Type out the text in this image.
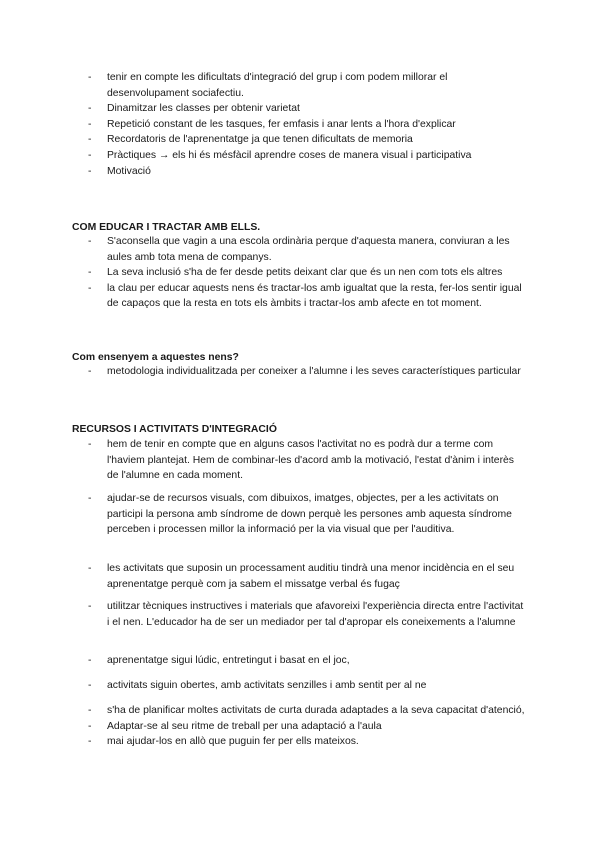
- tenir en compte les dificultats d'integració del grup i com podem millorar el desenvolupament sociafectiu.
- Dinamitzar les classes per obtenir varietat
- Repetició constant de les tasques, fer emfasis i anar lents a l'hora d'explicar
- Recordatoris de l'aprenentatge ja que tenen dificultats de memoria
- Pràctiques → els hi és mésfàcil aprendre coses de manera visual i participativa
- Motivació
COM EDUCAR I TRACTAR AMB ELLS.
- S'aconsella que vagin a una escola ordinària perque d'aquesta manera, conviuran a les aules amb tota mena de companys.
- La seva inclusió s'ha de fer desde petits deixant clar que és un nen com tots els altres
- la clau per educar aquests nens és tractar-los amb igualtat que la resta, fer-los sentir igual de capaços que la resta en tots els àmbits i tractar-los amb afecte en tot moment.
Com ensenyem a aquestes nens?
- metodologia individualitzada per coneixer a l'alumne i les seves característiques particular
RECURSOS I ACTIVITATS D'INTEGRACIÓ
- hem de tenir en compte que en alguns casos l'activitat no es podrà dur a terme com l'haviem plantejat. Hem de combinar-les d'acord amb la motivació, l'estat d'ànim i interès de l'alumne en cada moment.
- ajudar-se de recursos visuals, com dibuixos, imatges, objectes, per a les activitats on participi la persona amb síndrome de down perquè les persones amb aquesta síndrome perceben i processen millor la informació per la via visual que per l'auditiva.
- les activitats que suposin un processament auditiu tindrà una menor incidència en el seu aprenentatge perquè com ja sabem el missatge verbal és fugaç
- utilitzar tècniques instructives i materials que afavoreixi l'experiència directa entre l'activitat i el nen. L'educador ha de ser un mediador per tal d'apropar els coneixements a l'alumne
- aprenentatge sigui lúdic, entretingut i basat en el joc,
- activitats siguin obertes, amb activitats senzilles i amb sentit per al ne
- s'ha de planificar moltes activitats de curta durada adaptades a la seva capacitat d'atenció,
- Adaptar-se al seu ritme de treball per una adaptació a l'aula
- mai ajudar-los en allò que puguin fer per ells mateixos.
